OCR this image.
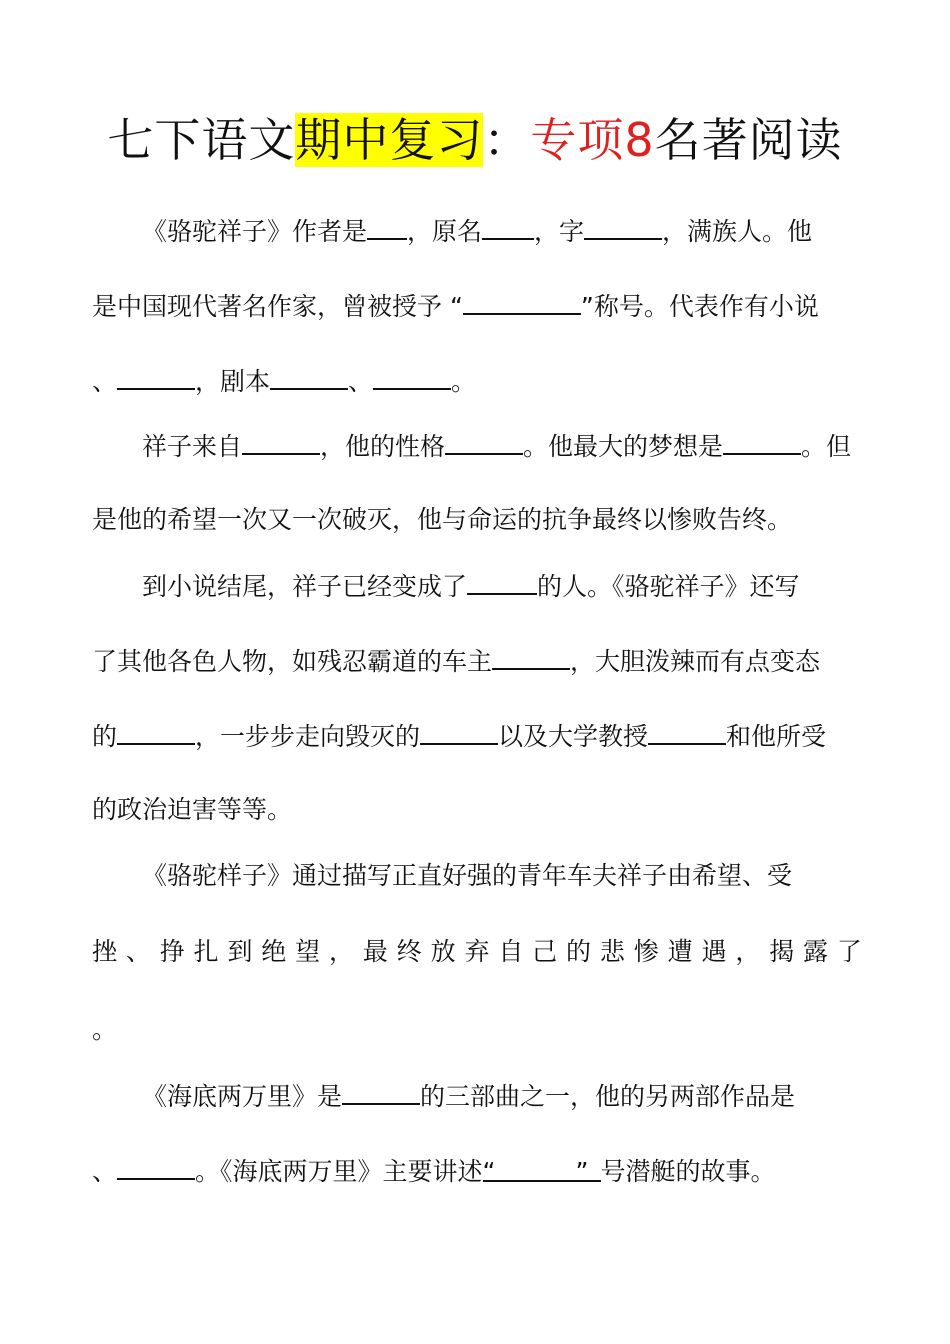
七下语文期中复习：专项8名著阅读
《骆驼祥子》作者是 ，原名 ，字	，满族人。他
是中国现代著名作家，曾被授予 “	”称号。代表作有小说
、	，剧本	、	。
祥子来自	，他的性格	。他最大的梦想是	。但
是他的希望一次又一次破灭，他与命运的抗争最终以惨败告终。
到小说结尾，祥子已经变成了	的人。《骆驼祥子》还写
了其他各色人物，如残忍霸道的车主	，大胆泼辣而有点变态
的	，一步步走向毁灭的	以及大学教授	和他所受
的政治迫害等等。
《骆驼样子》通过描写正直好强的青年车夫祥子由希望、受
挫 、 挣 扎 到 绝 望 ， 最 终 放 弃 自 己 的 悲 惨 遭 遇 ， 揭 露 了
。
《海底两万里》是	的三部曲之一，他的另两部作品是
、	。《海底两万里》主要讲述“	” 号潜艇的故事。
